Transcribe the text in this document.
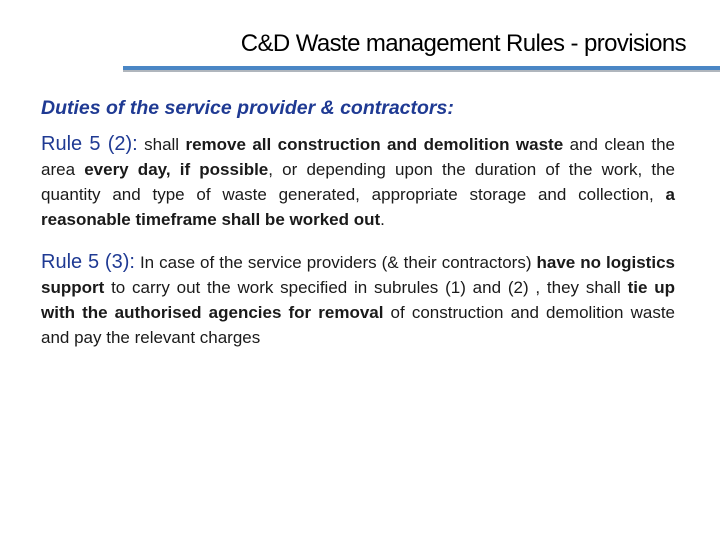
C&D Waste management Rules - provisions

Duties of the service provider & contractors:

Rule 5 (2): shall remove all construction and demolition waste and clean the area every day, if possible, or depending upon the duration of the work, the quantity and type of waste generated, appropriate storage and collection, a reasonable timeframe shall be worked out.

Rule 5 (3): In case of the service providers (& their contractors) have no logistics support to carry out the work specified in subrules (1) and (2) , they shall tie up with the authorised agencies for removal of construction and demolition waste and pay the relevant charges
